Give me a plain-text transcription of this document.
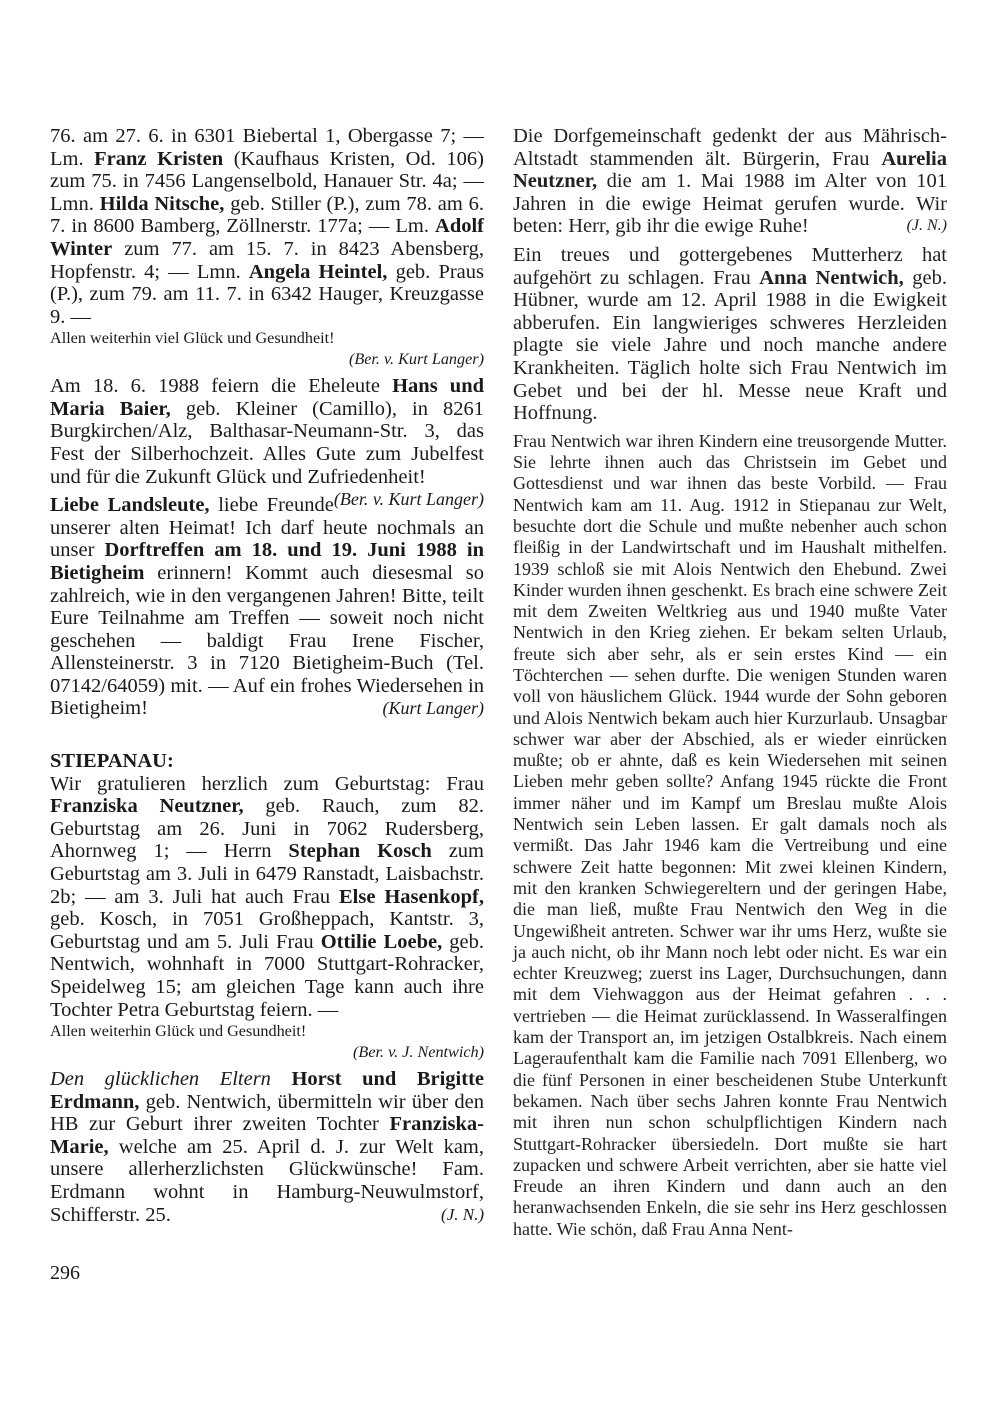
76. am 27. 6. in 6301 Biebertal 1, Obergasse 7; — Lm. Franz Kristen (Kaufhaus Kristen, Od. 106) zum 75. in 7456 Langenselbold, Hanauer Str. 4a; — Lmn. Hilda Nitsche, geb. Stiller (P.), zum 78. am 6. 7. in 8600 Bamberg, Zöllnerstr. 177a; — Lm. Adolf Winter zum 77. am 15. 7. in 8423 Abensberg, Hopfenstr. 4; — Lmn. Angela Heintel, geb. Praus (P.), zum 79. am 11. 7. in 6342 Hauger, Kreuzgasse 9. —

Allen weiterhin viel Glück und Gesundheit!

(Ber. v. Kurt Langer)

Am 18. 6. 1988 feiern die Eheleute Hans und Maria Baier, geb. Kleiner (Camillo), in 8261 Burgkirchen/Alz, Balthasar-Neumann-Str. 3, das Fest der Silberhochzeit. Alles Gute zum Jubelfest und für die Zukunft Glück und Zufriedenheit!
(Ber. v. Kurt Langer)

Liebe Landsleute, liebe Freunde unserer alten Heimat! Ich darf heute nochmals an unser Dorftreffen am 18. und 19. Juni 1988 in Bietigheim erinnern! Kommt auch diesesmal so zahlreich, wie in den vergangenen Jahren! Bitte, teilt Eure Teilnahme am Treffen — soweit noch nicht geschehen — baldigt Frau Irene Fischer, Allensteinerstr. 3 in 7120 Bietigheim-Buch (Tel. 07142/64059) mit. — Auf ein frohes Wiedersehen in Bietigheim!	(Kurt Langer)

STIEPANAU:

Wir gratulieren herzlich zum Geburtstag: Frau Franziska Neutzner, geb. Rauch, zum 82. Geburtstag am 26. Juni in 7062 Rudersberg, Ahornweg 1; — Herrn Stephan Kosch zum Geburtstag am 3. Juli in 6479 Ranstadt, Laisbachstr. 2b; — am 3. Juli hat auch Frau Else Hasenkopf, geb. Kosch, in 7051 Großheppach, Kantstr. 3, Geburtstag und am 5. Juli Frau Ottilie Loebe, geb. Nentwich, wohnhaft in 7000 Stuttgart-Rohracker, Speidelweg 15; am gleichen Tage kann auch ihre Tochter Petra Geburtstag feiern. —

Allen weiterhin Glück und Gesundheit!

(Ber. v. J. Nentwich)

Den glücklichen Eltern Horst und Brigitte Erdmann, geb. Nentwich, übermitteln wir über den HB zur Geburt ihrer zweiten Tochter Franziska-Marie, welche am 25. April d. J. zur Welt kam, unsere allerherzlichsten Glückwünsche! Fam. Erdmann wohnt in Hamburg-Neuwulmstorf, Schifferstr. 25.	(J. N.)

Die Dorfgemeinschaft gedenkt der aus Mährisch-Altstadt stammenden ält. Bürgerin, Frau Aurelia Neutzner, die am 1. Mai 1988 im Alter von 101 Jahren in die ewige Heimat gerufen wurde. Wir beten: Herr, gib ihr die ewige Ruhe!	(J. N.)

Ein treues und gottergebenes Mutterherz hat aufgehört zu schlagen. Frau Anna Nentwich, geb. Hübner, wurde am 12. April 1988 in die Ewigkeit abberufen. Ein langwieriges schweres Herzleiden plagte sie viele Jahre und noch manche andere Krankheiten. Täglich holte sich Frau Nentwich im Gebet und bei der hl. Messe neue Kraft und Hoffnung.

Frau Nentwich war ihren Kindern eine treusorgende Mutter. Sie lehrte ihnen auch das Christsein im Gebet und Gottesdienst und war ihnen das beste Vorbild. — Frau Nentwich kam am 11. Aug. 1912 in Stiepanau zur Welt, besuchte dort die Schule und mußte nebenher auch schon fleißig in der Landwirtschaft und im Haushalt mithelfen. 1939 schloß sie mit Alois Nentwich den Ehebund. Zwei Kinder wurden ihnen geschenkt. Es brach eine schwere Zeit mit dem Zweiten Weltkrieg aus und 1940 mußte Vater Nentwich in den Krieg ziehen. Er bekam selten Urlaub, freute sich aber sehr, als er sein erstes Kind — ein Töchterchen — sehen durfte. Die wenigen Stunden waren voll von häuslichem Glück. 1944 wurde der Sohn geboren und Alois Nentwich bekam auch hier Kurzurlaub. Unsagbar schwer war aber der Abschied, als er wieder einrücken mußte; ob er ahnte, daß es kein Wiedersehen mit seinen Lieben mehr geben sollte? Anfang 1945 rückte die Front immer näher und im Kampf um Breslau mußte Alois Nentwich sein Leben lassen. Er galt damals noch als vermißt. Das Jahr 1946 kam die Vertreibung und eine schwere Zeit hatte begonnen: Mit zwei kleinen Kindern, mit den kranken Schwiegereltern und der geringen Habe, die man ließ, mußte Frau Nentwich den Weg in die Ungewißheit antreten. Schwer war ihr ums Herz, wußte sie ja auch nicht, ob ihr Mann noch lebt oder nicht. Es war ein echter Kreuzweg; zuerst ins Lager, Durchsuchungen, dann mit dem Viehwaggon aus der Heimat gefahren . . . vertrieben — die Heimat zurücklassend. In Wasseralfingen kam der Transport an, im jetzigen Ostalbkreis. Nach einem Lageraufenthalt kam die Familie nach 7091 Ellenberg, wo die fünf Personen in einer bescheidenen Stube Unterkunft bekamen. Nach über sechs Jahren konnte Frau Nentwich mit ihren nun schon schulpflichtigen Kindern nach Stuttgart-Rohracker übersiedeln. Dort mußte sie hart zupacken und schwere Arbeit verrichten, aber sie hatte viel Freude an ihren Kindern und dann auch an den heranwachsenden Enkeln, die sie sehr ins Herz geschlossen hatte. Wie schön, daß Frau Anna Nent-

296
